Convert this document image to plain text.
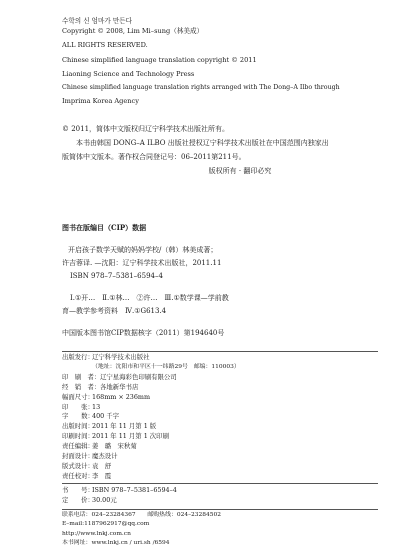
수학의 신 엄마가 만든다
Copyright © 2008, Lim Mi–sung（林美成）
ALL RIGHTS RESERVED.
Chinese simplified language translation copyright © 2011
Liaoning Science and Technology Press
Chinese simplified language translation rights arranged with The Dong–A Ilbo through
Imprima Korea Agency
© 2011，简体中文版权归辽宁科学技术出版社所有。
本书由韩国 DONG–A ILBO 出版社授权辽宁科学技术出版社在中国范围内独家出
版简体中文版本。著作权合同登记号：06–2011第211号。
版权所有 · 翻印必究
图书在版编目（CIP）数据
开启孩子数学天赋的妈妈学校/（韩）林美成著；
许吉蓉译. —沈阳：辽宁科学技术出版社，2011.11
ISBN 978–7–5381–6594–4
Ⅰ.①开…　Ⅱ.①林…　②许…　Ⅲ.①数学课—学前教
育—教学参考资料　Ⅳ.①G613.4
中国版本图书馆CIP数据核字（2011）第194640号
出版发行：辽宁科学技术出版社
（地址：沈阳市和平区十一纬路29号　邮编：110003）
印　刷　者：辽宁星海彩色印刷有限公司
经　销　者：各地新华书店
幅面尺寸：168mm × 236mm
印　　张：13
字　　数：400 千字
出版时间：2011 年 11 月第 1 版
印刷时间：2011 年 11 月第 1 次印刷
责任编辑：姜　璐　宋秋菊
封面设计：魔杰设计
版式设计：袁　舒
责任校对：李　霞
书　　号：ISBN 978–7–5381–6594–4
定　　价：30.00元
联系电话：024–23284367　　邮购热线：024–23284502
E–mail:1187962917@qq.com
http://www.lnkj.com.cn
本书网址：www.lnkj.cn / uri.sh /6594
